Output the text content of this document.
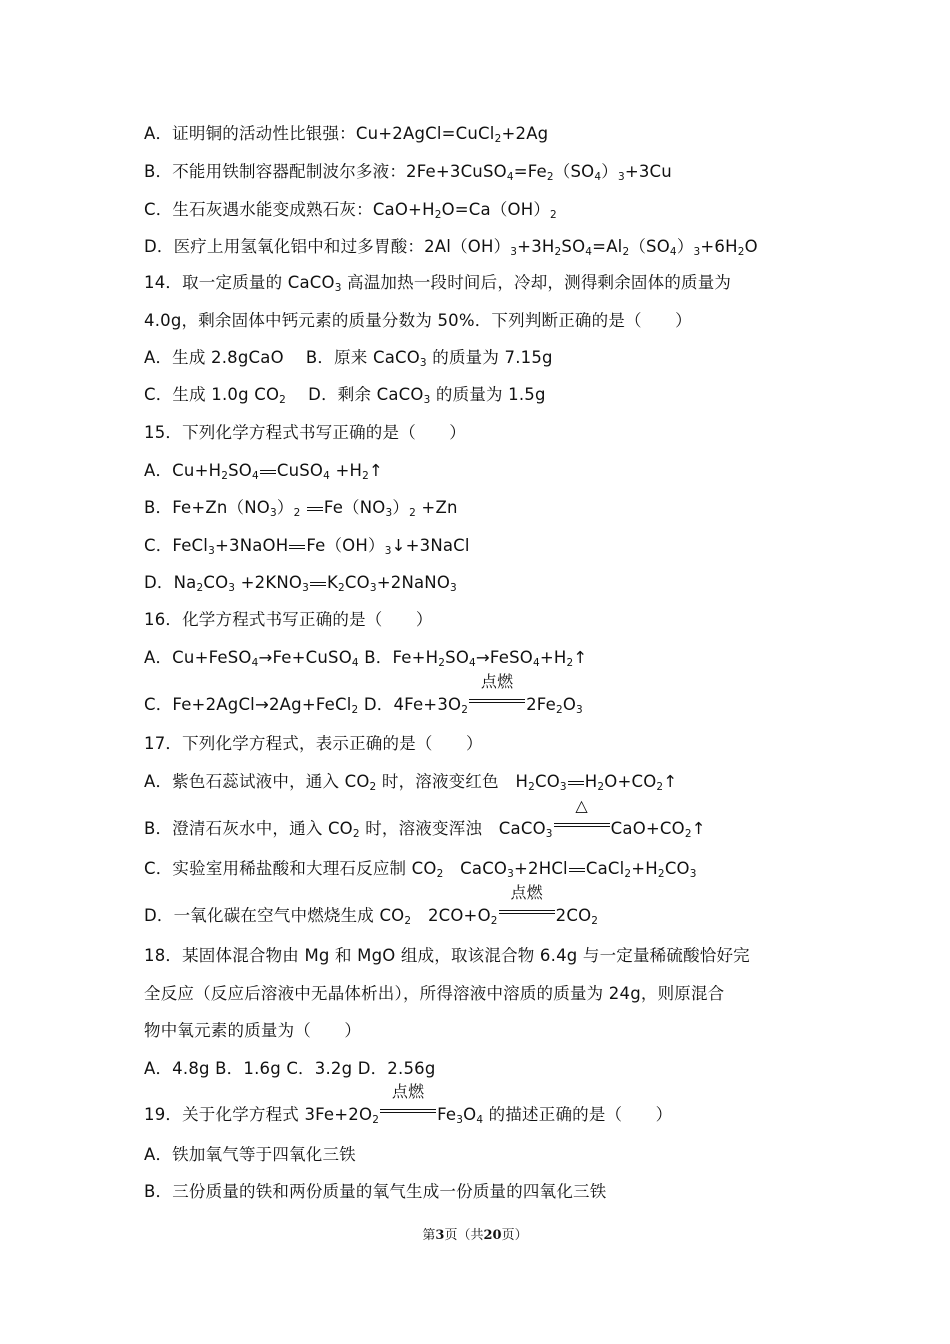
A．证明铜的活动性比银强：Cu+2AgCl=CuCl$_2$+2Ag
B．不能用铁制容器配制波尔多液：$2Fe+3CuSO_4=Fe_2(SO_4)_3+3Cu$
C．生石灰遇水能变成熟石灰：$CaO+H_2O=Ca(OH)_2$
D．医疗上用氢氧化铝中和过多胃酸：$2Al(OH)_3+3H_2SO_4=Al_2(SO_4)_3+6H_2O$
14．取一定质量的 CaCO$_3$ 高温加热一段时间后，冷却，测得剩余固体的质量为
4.0g，剩余固体中钙元素的质量分数为 50%．下列判断正确的是（　　）
A．生成 2.8gCaO　 B．原来 CaCO$_3$ 的质量为 7.15g
C．生成 1.0g $CO_2$　 D．剩余 CaCO$_3$ 的质量为 1.5g
15．下列化学方程式书写正确的是（　　）
A．$Cu+H_2SO_4$ CuSO$_4$ $+H_2↑$
B．$Fe+Zn(NO_3)_2$ $Fe(NO_3)_2 +Zn$
C．FeCl$_3$+3NaOH $Fe(OH)_3↓+3NaCl$
D．$Na_2CO_3 +2KNO_3$ $K_2CO_3+2NaNO_3$
16．化学方程式书写正确的是（　　）
A．Cu+FeSO$_4$→Fe+CuSO$_4$ B．$Fe+H_2SO_4\to FeSO_4+H_2↑$
C．Fe+2AgCl→2Ag+FeCl$_2$ D．$4Fe+3O_2$
点燃
$2Fe_2O_3$
17．下列化学方程式，表示正确的是（　　）
A．紫色石蕊试液中，通入 $CO_2$ 时，溶液变红色　$H_2CO_3$ $H_2O+CO_2↑$
B．澄清石灰水中，通入 $CO_2$ 时，溶液变浑浊　CaCO$_3$
△
$CaO+CO_2↑$
C．实验室用稀盐酸和大理石反应制 $CO_2$　CaCO$_3$+2HCl $CaCl_2+H_2CO_3$
D．一氧化碳在空气中燃烧生成 $CO_2$　$2CO+O_2$
点燃
$2CO_2$
18．某固体混合物由 Mg 和 MgO 组成，取该混合物 6.4g 与一定量稀硫酸恰好完
全反应（反应后溶液中无晶体析出），所得溶液中溶质的质量为 24g，则原混合
物中氧元素的质量为（　　）
A．4.8g B．1.6g C．3.2g D．2.56g
19．关于化学方程式 $3Fe+2O_2$
点燃
$Fe_3O_4$ 的描述正确的是（　　）
A．铁加氧气等于四氧化三铁
B．三份质量的铁和两份质量的氧气生成一份质量的四氧化三铁
第3页（共20页）
